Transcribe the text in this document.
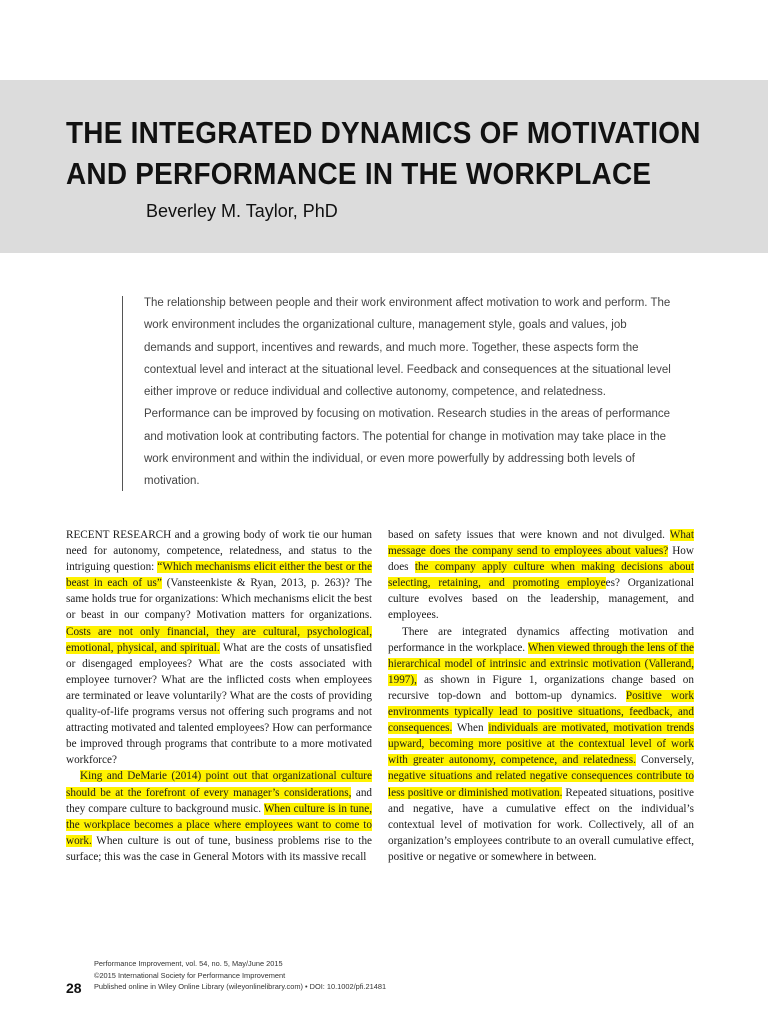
THE INTEGRATED DYNAMICS OF MOTIVATION
AND PERFORMANCE IN THE WORKPLACE

Beverley M. Taylor, PhD

The relationship between people and their work environment affect motivation to work and perform. The work environment includes the organizational culture, management style, goals and values, job demands and support, incentives and rewards, and much more. Together, these aspects form the contextual level and interact at the situational level. Feedback and consequences at the situational level either improve or reduce individual and collective autonomy, competence, and relatedness. Performance can be improved by focusing on motivation. Research studies in the areas of performance and motivation look at contributing factors. The potential for change in motivation may take place in the work environment and within the individual, or even more powerfully by addressing both levels of motivation.

RECENT RESEARCH and a growing body of work tie our human need for autonomy, competence, relatedness, and status to the intriguing question: “Which mechanisms elicit either the best or the beast in each of us” (Vansteenkiste & Ryan, 2013, p. 263)? The same holds true for organizations: Which mechanisms elicit the best or beast in our company? Motivation matters for organizations. Costs are not only financial, they are cultural, psychological, emotional, physical, and spiritual. What are the costs of unsatisfied or disengaged employees? What are the costs associated with employee turnover? What are the inflicted costs when employees are terminated or leave voluntarily? What are the costs of providing quality-of-life programs versus not offering such programs and not attracting motivated and talented employees? How can performance be improved through programs that contribute to a more motivated workforce?

King and DeMarie (2014) point out that organizational culture should be at the forefront of every manager’s considerations, and they compare culture to background music. When culture is in tune, the workplace becomes a place where employees want to come to work. When culture is out of tune, business problems rise to the surface; this was the case in General Motors with its massive recall

based on safety issues that were known and not divulged. What message does the company send to employees about values? How does the company apply culture when making decisions about selecting, retaining, and promoting employees? Organizational culture evolves based on the leadership, management, and employees.

There are integrated dynamics affecting motivation and performance in the workplace. When viewed through the lens of the hierarchical model of intrinsic and extrinsic motivation (Vallerand, 1997), as shown in Figure 1, organizations change based on recursive top-down and bottom-up dynamics. Positive work environments typically lead to positive situations, feedback, and consequences. When individuals are motivated, motivation trends upward, becoming more positive at the contextual level of work with greater autonomy, competence, and relatedness. Conversely, negative situations and related negative consequences contribute to less positive or diminished motivation. Repeated situations, positive and negative, have a cumulative effect on the individual’s contextual level of motivation for work. Collectively, all of an organization’s employees contribute to an overall cumulative effect, positive or negative or somewhere in between.

Performance Improvement, vol. 54, no. 5, May/June 2015
©2015 International Society for Performance Improvement
Published online in Wiley Online Library (wileyonlinelibrary.com) • DOI: 10.1002/pfi.21481
28
